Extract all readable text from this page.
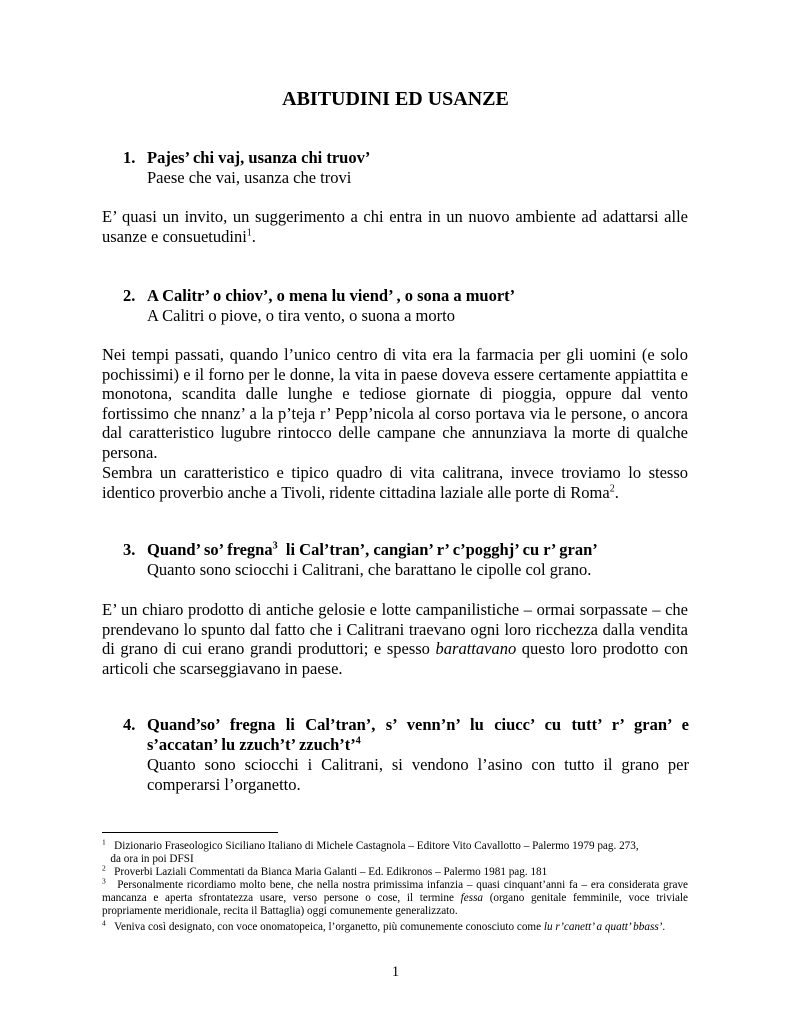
ABITUDINI ED USANZE
1. Pajes’ chi vaj, usanza chi truov’
Paese che vai, usanza che trovi
E’ quasi un invito, un suggerimento a chi entra in un nuovo ambiente ad adattarsi alle usanze e consuetudini$^1$.
2. A Calitr’ o chiov’, o mena lu viend’ , o sona a muort’
A Calitri o piove, o tira vento, o suona a morto
Nei tempi passati, quando l’unico centro di vita era la farmacia per gli uomini (e solo pochissimi) e il forno per le donne, la vita in paese doveva essere certamente appiattita e monotona, scandita dalle lunghe e tediose giornate di pioggia, oppure dal vento fortissimo che nnanz’ a la p’teja r’ Pepp’nicola al corso portava via le persone, o ancora dal caratteristico lugubre rintocco delle campane che annunziava la morte di qualche persona.
Sembra un caratteristico e tipico quadro di vita calitrana, invece troviamo lo stesso identico proverbio anche a Tivoli, ridente cittadina laziale alle porte di Roma$^2$.
3. Quand’ so’ fregna$^3$  li Cal’tran’, cangian’ r’ c’pogghj’ cu r’ gran’
Quanto sono sciocchi i Calitrani, che barattano le cipolle col grano.
E’ un chiaro prodotto di antiche gelosie e lotte campanilistiche – ormai sorpassate – che prendevano lo spunto dal fatto che i Calitrani traevano ogni loro ricchezza dalla vendita di grano di cui erano grandi produttori; e spesso barattavano questo loro prodotto con articoli che scarseggiavano in paese.
4. Quand’so’ fregna li Cal’tran’, s’ venn’n’ lu ciucc’ cu tutt’ r’ gran’ e s’accatan’ lu zzuch’t’ zzuch’t’$^4$
Quanto sono sciocchi i Calitrani, si vendono l’asino con tutto il grano per comperarsi l’organetto.
$^1$ Dizionario Fraseologico Siciliano Italiano di Michele Castagnola – Editore Vito Cavallotto – Palermo 1979 pag. 273,
da ora in poi DFSI
$^2$ Proverbi Laziali Commentati da Bianca Maria Galanti – Ed. Edikronos – Palermo 1981 pag. 181
$^3$ Personalmente ricordiamo molto bene, che nella nostra primissima infanzia – quasi cinquant’anni fa – era considerata grave mancanza e aperta sfrontatezza usare, verso persone o cose, il termine fessa (organo genitale femminile, voce triviale propriamente meridionale, recita il Battaglia) oggi comunemente generalizzato.
$^4$ Veniva così designato, con voce onomatopeica, l’organetto, più comunemente conosciuto come lu r’canett’ a quatt’ bbass’.
1
